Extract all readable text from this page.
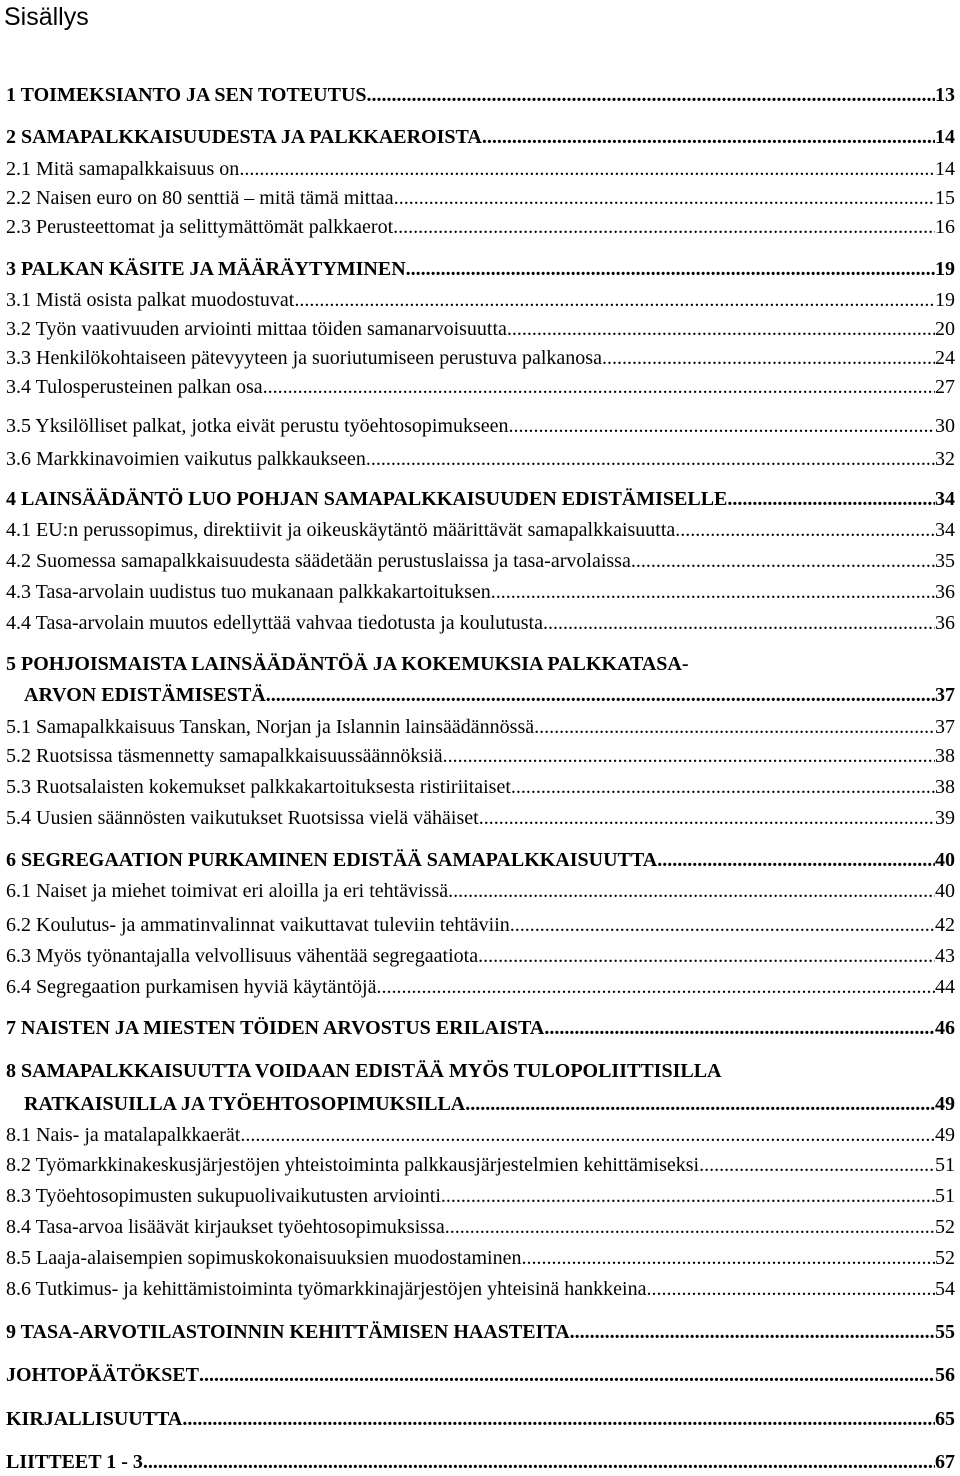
Sisällys
1 TOIMEKSIANTO JA SEN TOTEUTUS .....	13
2 SAMAPALKKAISUUDESTA JA PALKKAEROISTA .....	14
2.1 Mitä samapalkkaisuus on .....	14
2.2 Naisen euro on 80 senttiä – mitä tämä mittaa .....	15
2.3 Perusteettomat ja selittymättömät palkkaerot .....	16
3 PALKAN KÄSITE JA MÄÄRÄYTYMINEN .....	19
3.1 Mistä osista palkat muodostuvat .....	19
3.2 Työn vaativuuden arviointi mittaa töiden samanarvoisuutta .....	20
3.3 Henkilökohtaiseen pätevyyteen ja suoriutumiseen perustuva palkanosa .....	24
3.4 Tulosperusteinen palkan osa .....	27
3.5 Yksilölliset palkat, jotka eivät perustu työehtosopimukseen .....	30
3.6 Markkinavoimien vaikutus palkkaukseen .....	32
4 LAINSÄÄDÄNTÖ LUO POHJAN SAMAPALKKAISUUDEN EDISTÄMISELLE .....	34
4.1 EU:n perussopimus, direktiivit ja oikeuskäytäntö määrittävät samapalkkaisuutta .....	34
4.2 Suomessa samapalkkaisuudesta säädetään perustuslaissa ja tasa-arvolaissa .....	35
4.3 Tasa-arvolain uudistus tuo mukanaan palkkakartoituksen .....	36
4.4 Tasa-arvolain muutos edellyttää vahvaa tiedotusta ja koulutusta .....	36
5 POHJOISMAISTA LAINSÄÄDÄNTÖÄ JA KOKEMUKSIA PALKKATASA-
ARVON EDISTÄMISESTÄ .....	37
5.1 Samapalkkaisuus Tanskan, Norjan ja Islannin lainsäädännössä .....	37
5.2 Ruotsissa täsmennetty samapalkkaisuussäännöksiä .....	38
5.3 Ruotsalaisten kokemukset palkkakartoituksesta ristiriitaiset .....	38
5.4 Uusien säännösten vaikutukset Ruotsissa vielä vähäiset .....	39
6 SEGREGAATION PURKAMINEN EDISTÄÄ SAMAPALKKAISUUTTA .....	40
6.1 Naiset ja miehet toimivat eri aloilla ja eri tehtävissä .....	40
6.2 Koulutus- ja ammatinvalinnat vaikuttavat tuleviin tehtäviin .....	42
6.3 Myös työnantajalla velvollisuus vähentää segregaatiota .....	43
6.4 Segregaation purkamisen hyviä käytäntöjä .....	44
7 NAISTEN JA MIESTEN TÖIDEN ARVOSTUS ERILAISTA .....	46
8 SAMAPALKKAISUUTTA VOIDAAN EDISTÄÄ MYÖS TULOPOLIITTISILLA
RATKAISUILLA JA TYÖEHTOSOPIMUKSILLA .....	49
8.1 Nais- ja matalapalkkaerät .....	49
8.2 Työmarkkinakeskusjärjestöjen yhteistoiminta palkkausjärjestelmien kehittämiseksi .....	51
8.3 Työehtosopimusten sukupuolivaikutusten arviointi .....	51
8.4 Tasa-arvoa lisäävät kirjaukset työehtosopimuksissa .....	52
8.5 Laaja-alaisempien sopimuskokonaisuuksien muodostaminen .....	52
8.6 Tutkimus- ja kehittämistoiminta työmarkkinajärjestöjen yhteisinä hankkeina .....	54
9 TASA-ARVOTILASTOINNIN KEHITTÄMISEN HAASTEITA .....	55
JOHTOPÄÄTÖKSET .....	56
KIRJALLISUUTTA .....	65
LIITTEET 1 - 3. .....	67
